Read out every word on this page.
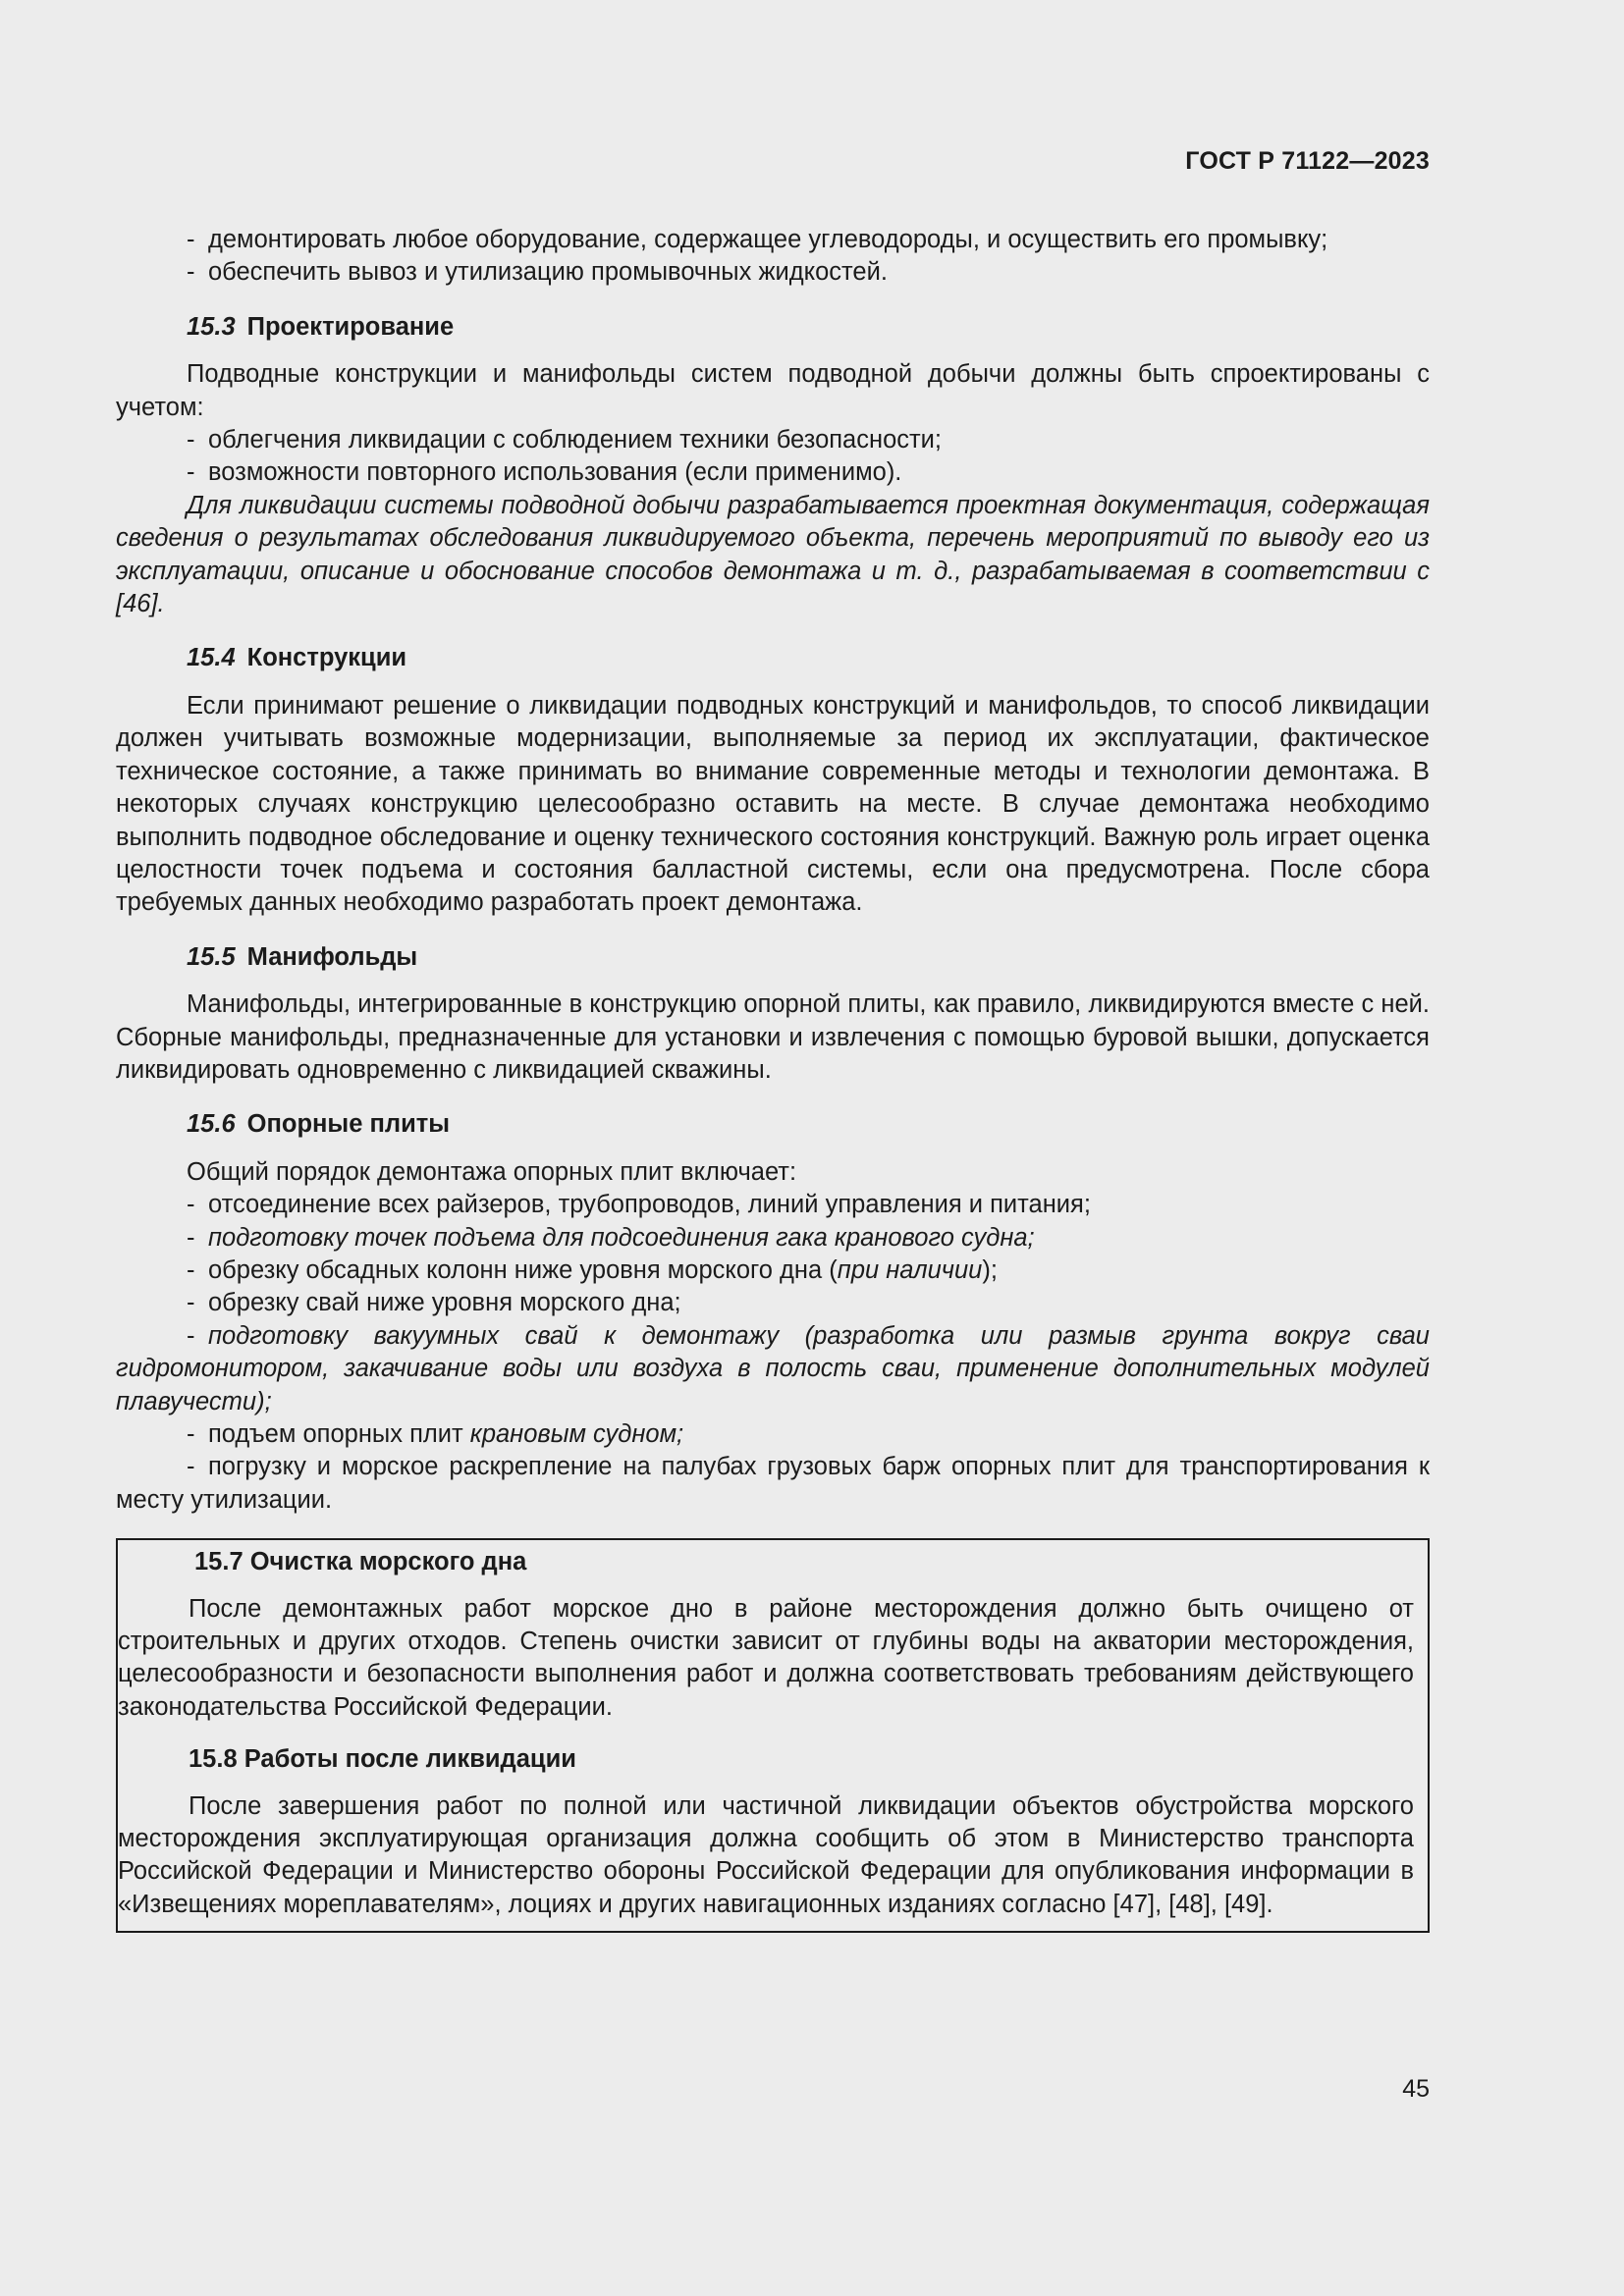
ГОСТ Р 71122—2023

- демонтировать любое оборудование, содержащее углеводороды, и осуществить его промывку;

- обеспечить вывоз и утилизацию промывочных жидкостей.

15.3 Проектирование

Подводные конструкции и манифольды систем подводной добычи должны быть спроектированы с учетом:

- облегчения ликвидации с соблюдением техники безопасности;

- возможности повторного использования (если применимо).

Для ликвидации системы подводной добычи разрабатывается проектная документация, содержащая сведения о результатах обследования ликвидируемого объекта, перечень мероприятий по выводу его из эксплуатации, описание и обоснование способов демонтажа и т. д., разрабатываемая в соответствии с [46].

15.4 Конструкции

Если принимают решение о ликвидации подводных конструкций и манифольдов, то способ ликвидации должен учитывать возможные модернизации, выполняемые за период их эксплуатации, фактическое техническое состояние, а также принимать во внимание современные методы и технологии демонтажа. В некоторых случаях конструкцию целесообразно оставить на месте. В случае демонтажа необходимо выполнить подводное обследование и оценку технического состояния конструкций. Важную роль играет оценка целостности точек подъема и состояния балластной системы, если она предусмотрена. После сбора требуемых данных необходимо разработать проект демонтажа.

15.5 Манифольды

Манифольды, интегрированные в конструкцию опорной плиты, как правило, ликвидируются вместе с ней. Сборные манифольды, предназначенные для установки и извлечения с помощью буровой вышки, допускается ликвидировать одновременно с ликвидацией скважины.

15.6 Опорные плиты

Общий порядок демонтажа опорных плит включает:

- отсоединение всех райзеров, трубопроводов, линий управления и питания;

- подготовку точек подъема для подсоединения гака кранового судна;

- обрезку обсадных колонн ниже уровня морского дна (при наличии);

- обрезку свай ниже уровня морского дна;

- подготовку вакуумных свай к демонтажу (разработка или размыв грунта вокруг сваи гидромонитором, закачивание воды или воздуха в полость сваи, применение дополнительных модулей плавучести);

- подъем опорных плит крановым судном;

- погрузку и морское раскрепление на палубах грузовых барж опорных плит для транспортирования к месту утилизации.

15.7 Очистка морского дна

После демонтажных работ морское дно в районе месторождения должно быть очищено от строительных и других отходов. Степень очистки зависит от глубины воды на акватории месторождения, целесообразности и безопасности выполнения работ и должна соответствовать требованиям действующего законодательства Российской Федерации.

15.8 Работы после ликвидации

После завершения работ по полной или частичной ликвидации объектов обустройства морского месторождения эксплуатирующая организация должна сообщить об этом в Министерство транспорта Российской Федерации и Министерство обороны Российской Федерации для опубликования информации в «Извещениях мореплавателям», лоциях и других навигационных изданиях согласно [47], [48], [49].

45
